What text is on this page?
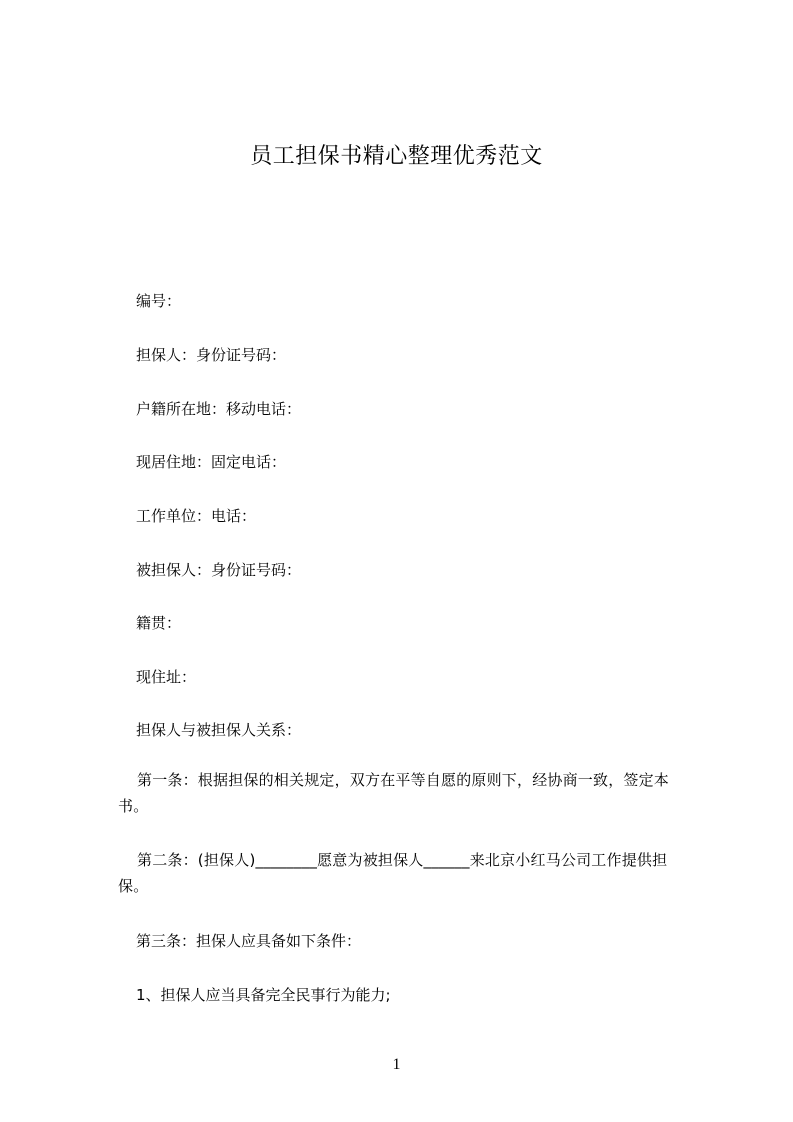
员工担保书精心整理优秀范文
编号：
担保人：身份证号码：
户籍所在地：移动电话：
现居住地：固定电话：
工作单位：电话：
被担保人：身份证号码：
籍贯：
现住址：
担保人与被担保人关系：
第一条：根据担保的相关规定，双方在平等自愿的原则下，经协商一致，签定本书。
第二条：(担保人)________愿意为被担保人______来北京小红马公司工作提供担保。
第三条：担保人应具备如下条件：
1、担保人应当具备完全民事行为能力;
1
